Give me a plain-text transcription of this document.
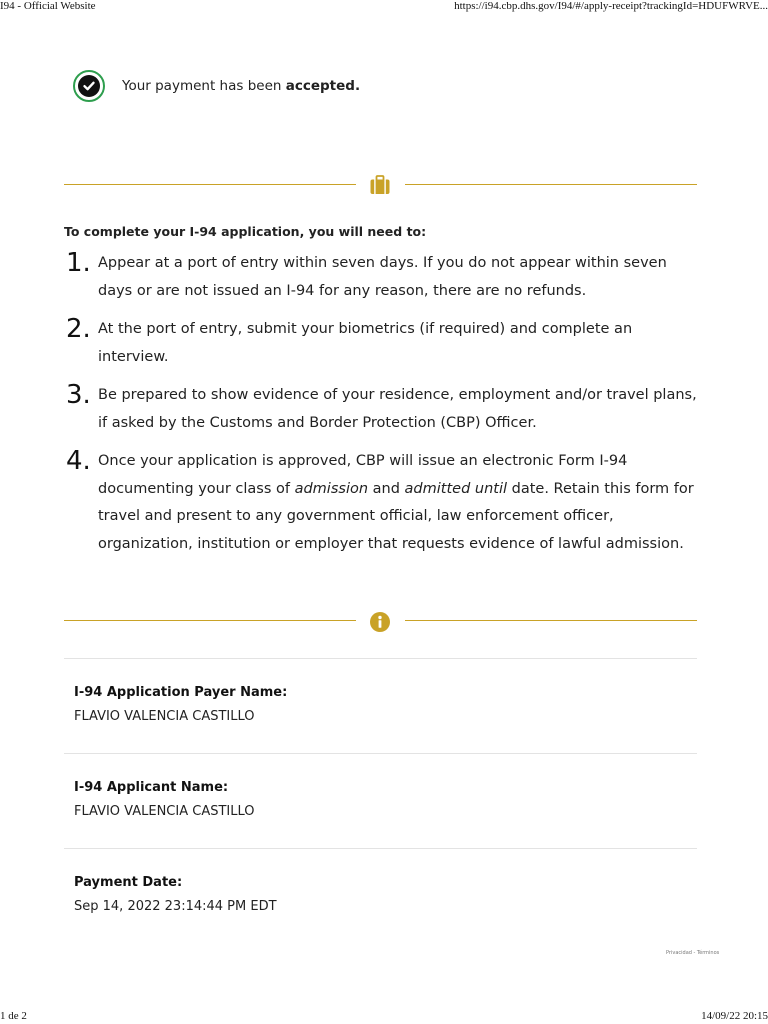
I94 - Official Website	https://i94.cbp.dhs.gov/I94/#/apply-receipt?trackingId=HDUFWRVE...
Your payment has been accepted.
To complete your I-94 application, you will need to:
1. Appear at a port of entry within seven days. If you do not appear within seven days or are not issued an I-94 for any reason, there are no refunds.
2. At the port of entry, submit your biometrics (if required) and complete an interview.
3. Be prepared to show evidence of your residence, employment and/or travel plans, if asked by the Customs and Border Protection (CBP) Officer.
4. Once your application is approved, CBP will issue an electronic Form I-94 documenting your class of admission and admitted until date. Retain this form for travel and present to any government official, law enforcement officer, organization, institution or employer that requests evidence of lawful admission.
I-94 Application Payer Name:
FLAVIO VALENCIA CASTILLO
I-94 Applicant Name:
FLAVIO VALENCIA CASTILLO
Payment Date:
Sep 14, 2022 23:14:44 PM EDT
Privacidad - Términos
1 de 2	14/09/22 20:15
